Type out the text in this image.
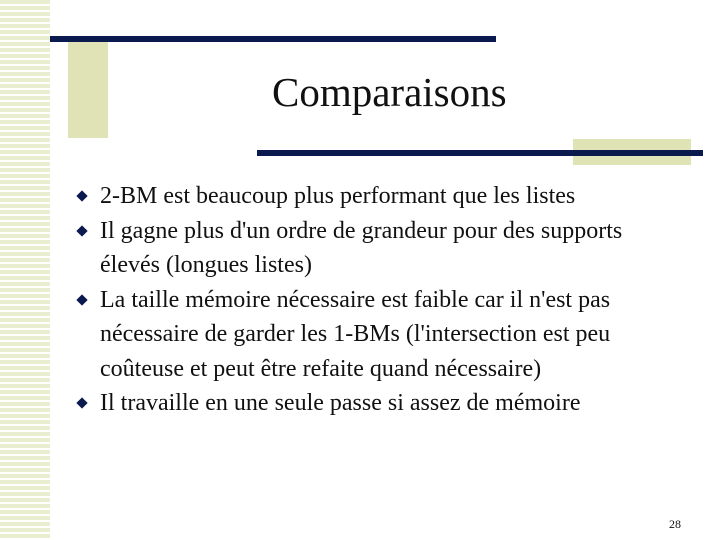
Comparaisons
2-BM est beaucoup plus performant que les listes
Il gagne plus d'un ordre de grandeur pour des supports élevés (longues listes)
La taille mémoire nécessaire est faible car il n'est pas nécessaire de garder les 1-BMs (l'intersection est peu coûteuse et peut être refaite quand nécessaire)
Il travaille en une seule passe si assez de mémoire
28
